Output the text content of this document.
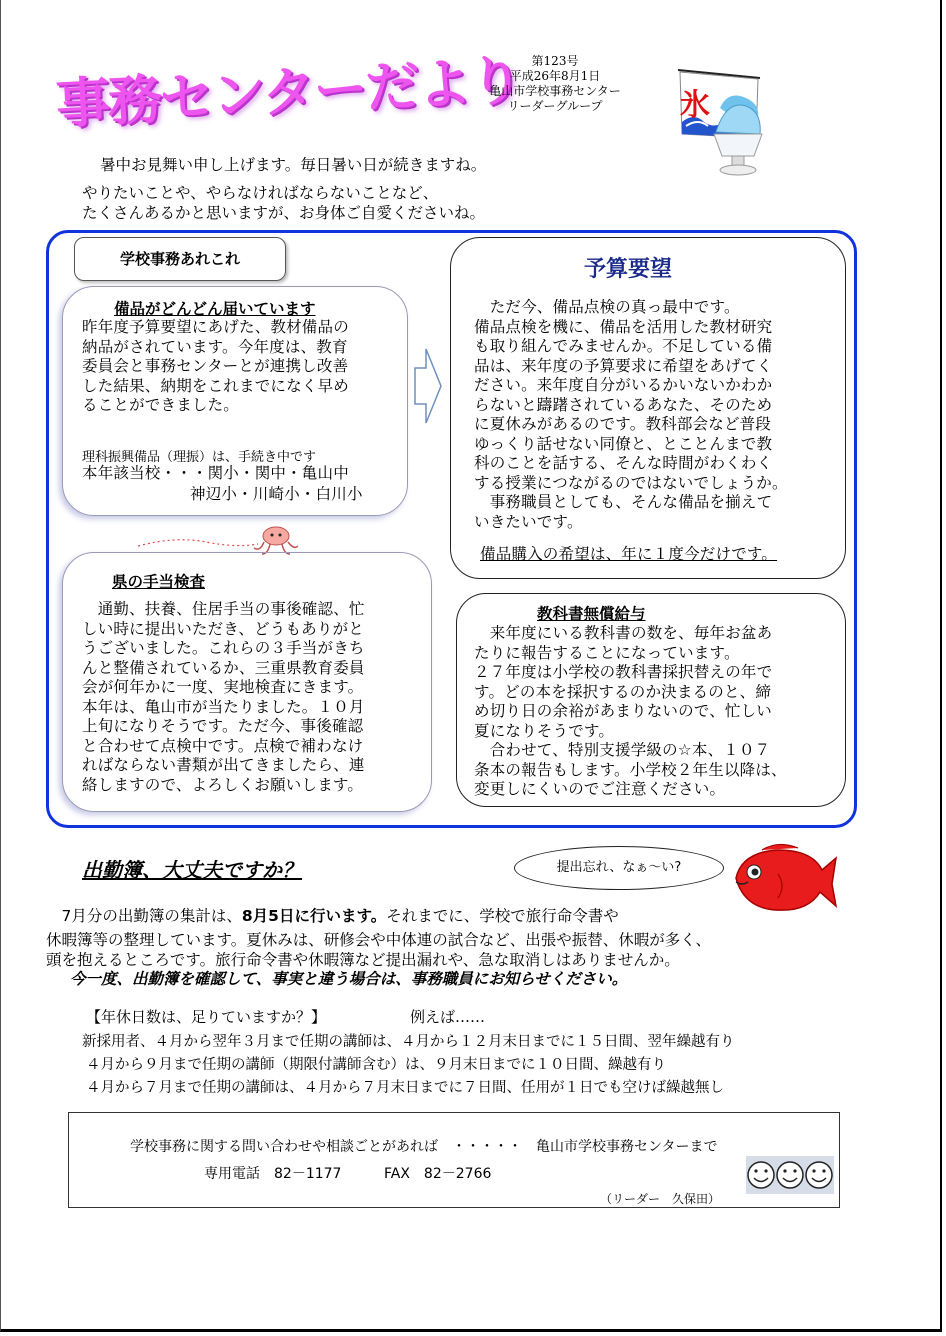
事務センターだより 第123号
平成26年8月1日
亀山市学校事務センター
リーダーグループ	氷
暑中お見舞い申し上げます。毎日暑い日が続きますね。
やりたいことや、やらなければならないことなど、
たくさんあるかと思いますが、お身体ご自愛くださいね。
学校事務あれこれ
備品がどんどん届いています
昨年度予算要望にあげた、教材備品の
納品がされています。今年度は、教育
委員会と事務センターとが連携し改善
した結果、納期をこれまでになく早め
ることができました。
理科振興備品（理振）は、手続き中です
本年該当校・・・関小・関中・亀山中
神辺小・川崎小・白川小
予算要望
　ただ今、備品点検の真っ最中です。
備品点検を機に、備品を活用した教材研究
も取り組んでみませんか。不足している備
品は、来年度の予算要求に希望をあげてく
ださい。来年度自分がいるかいないかわか
らないと躊躇されているあなた、そのため
に夏休みがあるのです。教科部会など普段
ゆっくり話せない同僚と、とことんまで教
科のことを話する、そんな時間がわくわく
する授業につながるのではないでしょうか。
　事務職員としても、そんな備品を揃えて
いきたいです。
備品購入の希望は、年に１度今だけです。
県の手当検査
　通勤、扶養、住居手当の事後確認、忙
しい時に提出いただき、どうもありがと
うございました。これらの３手当がきち
んと整備されているか、三重県教育委員
会が何年かに一度、実地検査にきます。
本年は、亀山市が当たりました。１０月
上旬になりそうです。ただ今、事後確認
と合わせて点検中です。点検で補わなけ
ればならない書類が出てきましたら、連
絡しますので、よろしくお願いします。
教科書無償給与
　来年度にいる教科書の数を、毎年お盆あ
たりに報告することになっています。
２７年度は小学校の教科書採択替えの年で
す。どの本を採択するのか決まるのと、締
め切り日の余裕があまりないので、忙しい
夏になりそうです。
　合わせて、特別支援学級の☆本、１０７
条本の報告もします。小学校２年生以降は、
変更しにくいのでご注意ください。
出勤簿、大丈夫ですか？	提出忘れ、なぁ～い?
　7月分の出勤簿の集計は、8月5日に行います。それまでに、学校で旅行命令書や
休暇簿等の整理しています。夏休みは、研修会や中体連の試合など、出張や振替、休暇が多く、
頭を抱えるところです。旅行命令書や休暇簿など提出漏れや、急な取消しはありませんか。
今一度、出勤簿を確認して、事実と違う場合は、事務職員にお知らせください。
【年休日数は、足りていますか？】	例えば……
新採用者、４月から翌年３月まで任期の講師は、４月から１２月末日までに１５日間、翌年繰越有り
４月から９月まで任期の講師（期限付講師含む）は、９月末日までに１０日間、繰越有り
４月から７月まで任期の講師は、４月から７月末日までに７日間、任用が１日でも空けば繰越無し
学校事務に関する問い合わせや相談ごとがあれば　・・・・・　亀山市学校事務センターまで
専用電話　82－1177	FAX　82－2766
（リーダー　久保田）
